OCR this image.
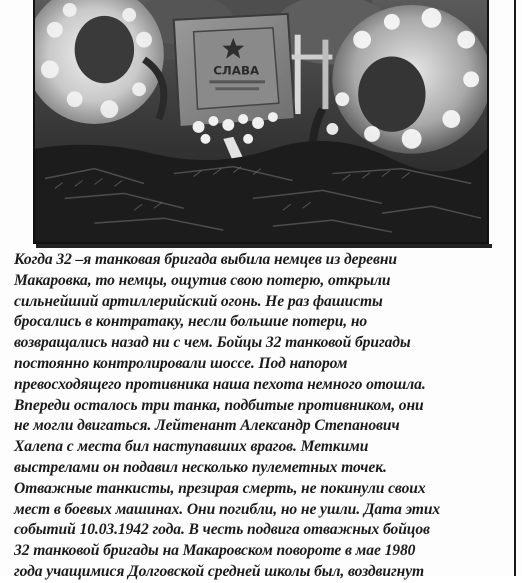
СЛАВА

Когда 32 –я танковая бригада выбила немцев из деревни
Макаровка, то немцы, ощутив свою потерю, открыли
сильнейший артиллерийский огонь. Не раз фашисты
бросались в контратаку, несли большие потери, но
возвращались назад ни с чем. Бойцы 32 танковой бригады
постоянно контролировали шоссе. Под напором
превосходящего противника наша пехота немного отошла.
Впереди осталось три танка, подбитые противником, они
не могли двигаться. Лейтенант Александр Степанович
Халепа с места бил наступавших врагов. Меткими
выстрелами он подавил несколько пулеметных точек.
Отважные танкисты, презирая смерть, не покинули своих
мест в боевых машинах. Они погибли, но не ушли. Дата этих
событий 10.03.1942 года. В честь подвига отважных бойцов
32 танковой бригады на Макаровском повороте в мае 1980
года учащимися Долговской средней школы был, воздвигнут
